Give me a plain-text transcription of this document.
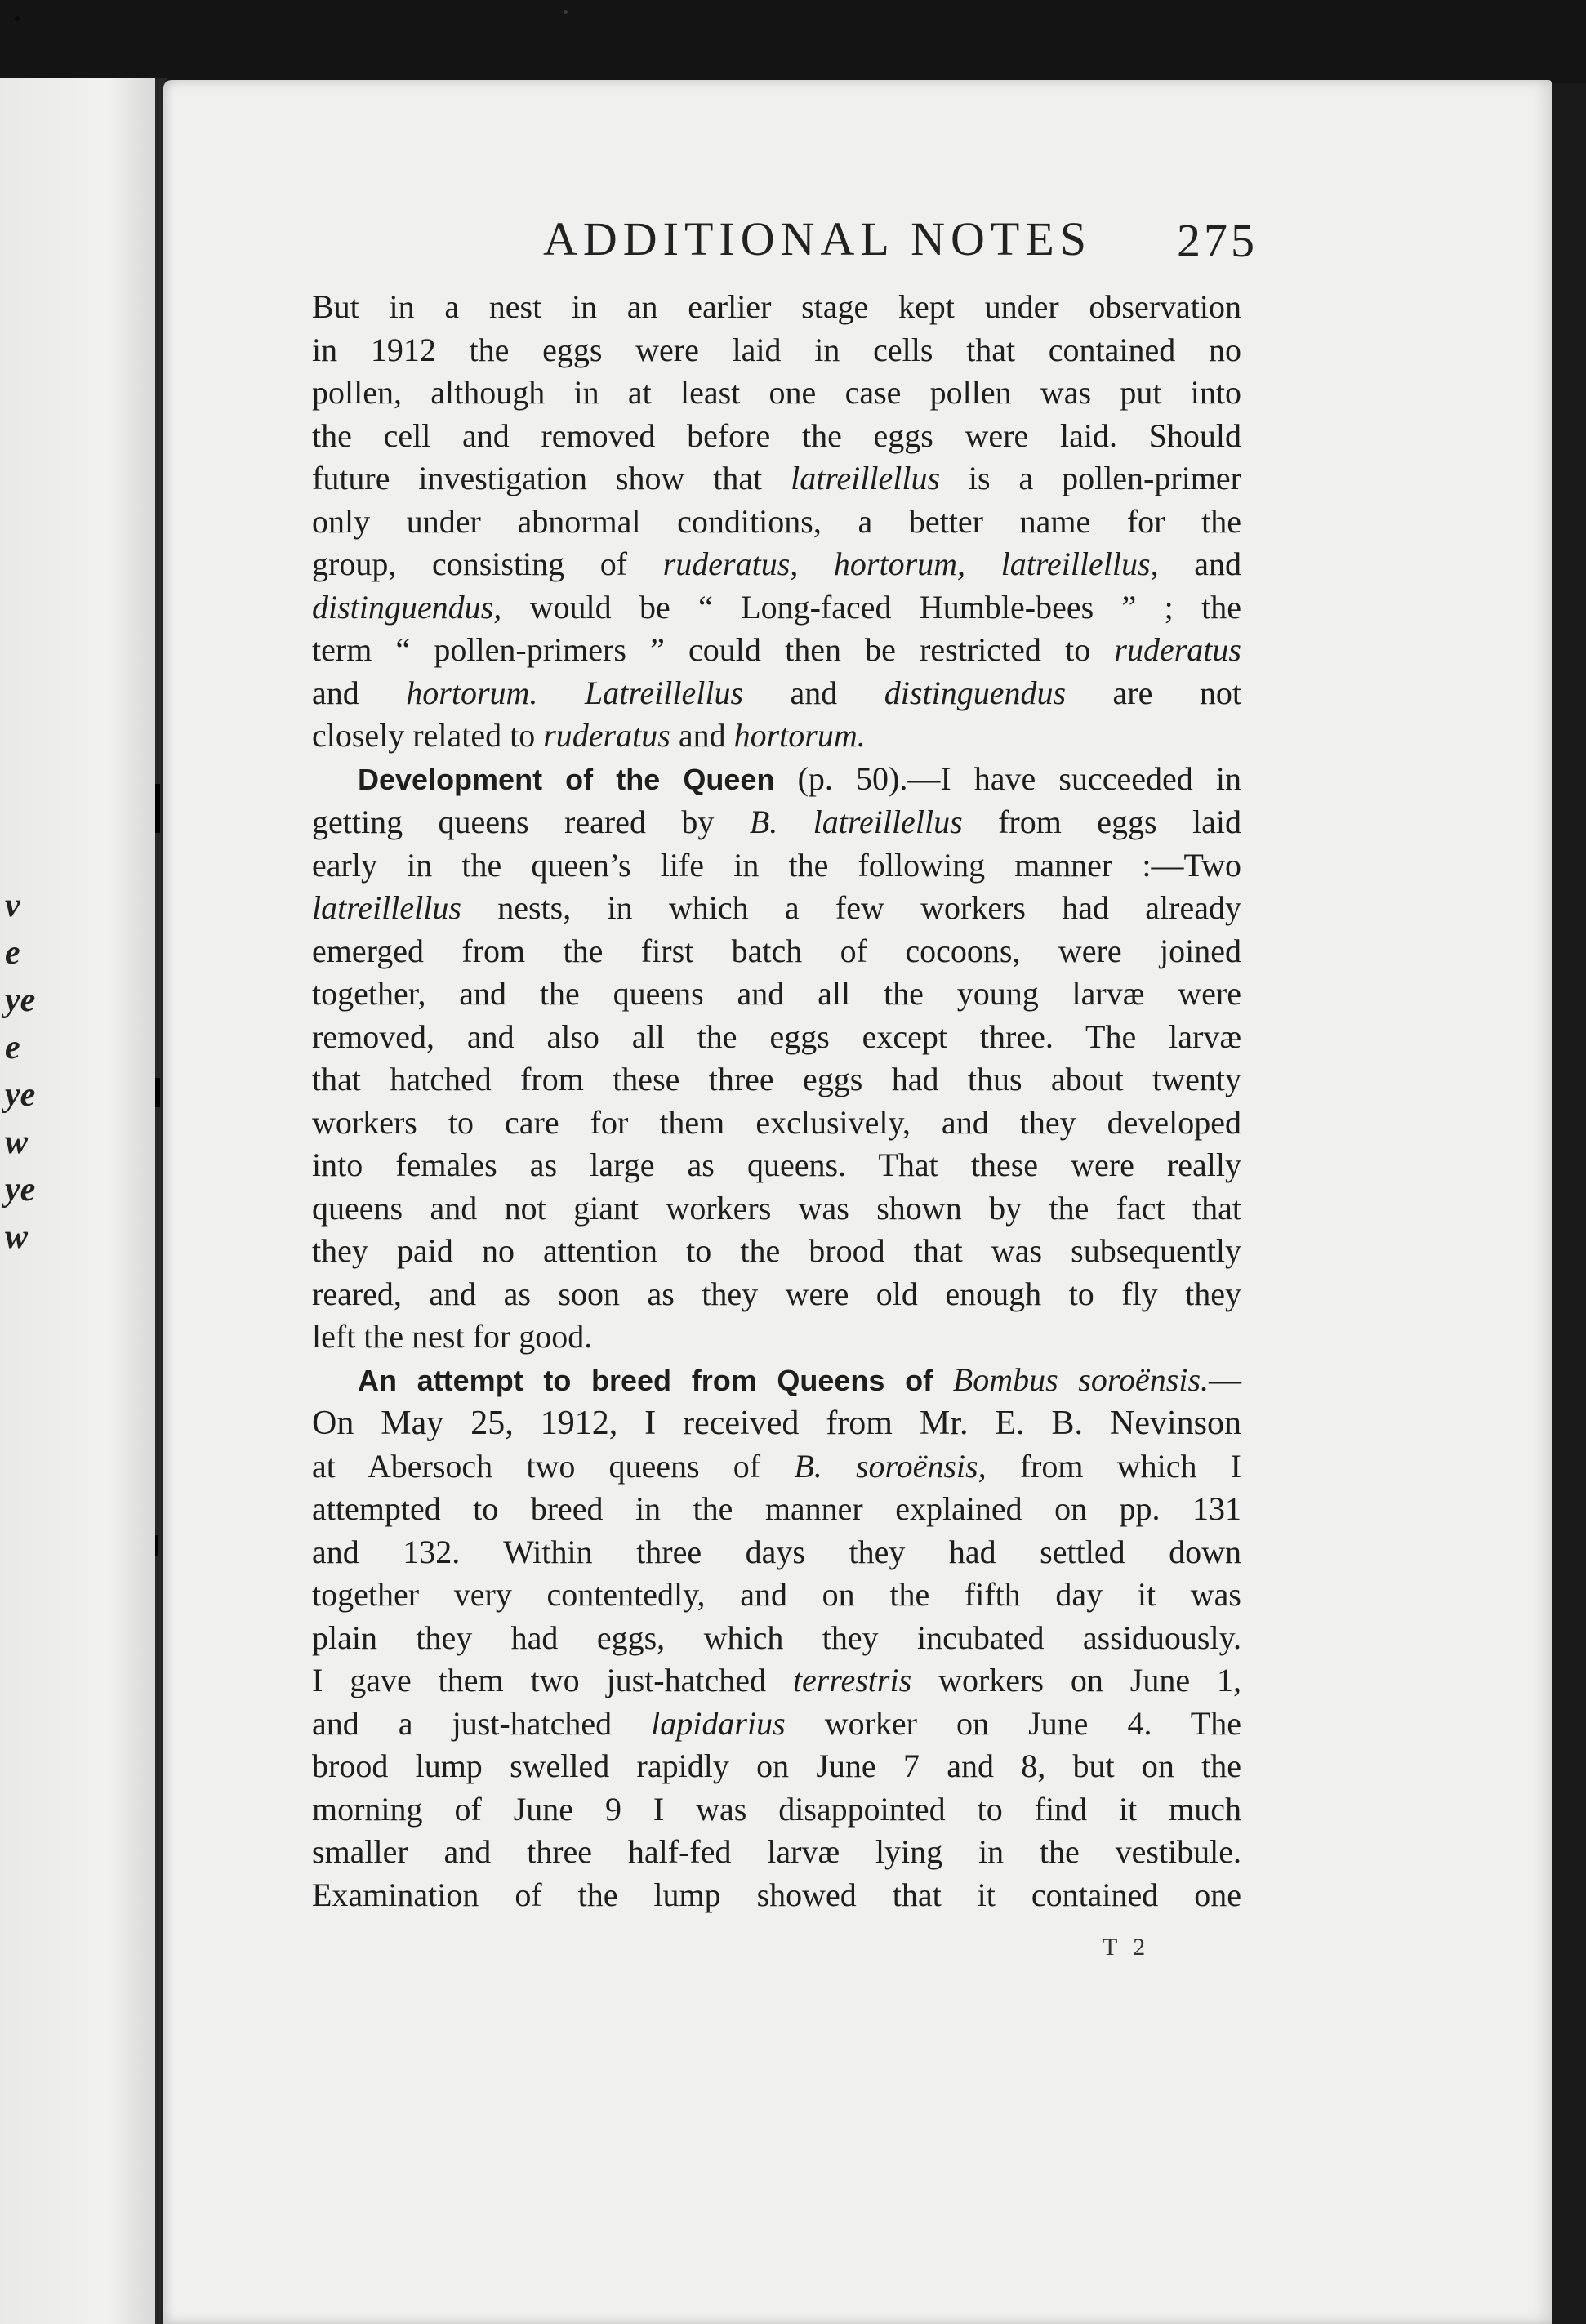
v
e
ye
e
ye
w
ye
w
ADDITIONAL NOTES 275

But in a nest in an earlier stage kept under observation
in 1912 the eggs were laid in cells that contained no
pollen, although in at least one case pollen was put into
the cell and removed before the eggs were laid. Should
future investigation show that latreillellus is a pollen-primer
only under abnormal conditions, a better name for the
group, consisting of ruderatus, hortorum, latreillellus, and
distinguendus, would be “ Long-faced Humble-bees ” ; the
term “ pollen-primers ” could then be restricted to ruderatus
and hortorum. Latreillellus and distinguendus are not
closely related to ruderatus and hortorum.

Development of the Queen (p. 50).—I have succeeded in
getting queens reared by B. latreillellus from eggs laid
early in the queen’s life in the following manner :—Two
latreillellus nests, in which a few workers had already
emerged from the first batch of cocoons, were joined
together, and the queens and all the young larvæ were
removed, and also all the eggs except three. The larvæ
that hatched from these three eggs had thus about twenty
workers to care for them exclusively, and they developed
into females as large as queens. That these were really
queens and not giant workers was shown by the fact that
they paid no attention to the brood that was subsequently
reared, and as soon as they were old enough to fly they
left the nest for good.

An attempt to breed from Queens of Bombus soroënsis.—
On May 25, 1912, I received from Mr. E. B. Nevinson
at Abersoch two queens of B. soroënsis, from which I
attempted to breed in the manner explained on pp. 131
and 132. Within three days they had settled down
together very contentedly, and on the fifth day it was
plain they had eggs, which they incubated assiduously.
I gave them two just-hatched terrestris workers on June 1,
and a just-hatched lapidarius worker on June 4. The
brood lump swelled rapidly on June 7 and 8, but on the
morning of June 9 I was disappointed to find it much
smaller and three half-fed larvæ lying in the vestibule.
Examination of the lump showed that it contained one

T 2
